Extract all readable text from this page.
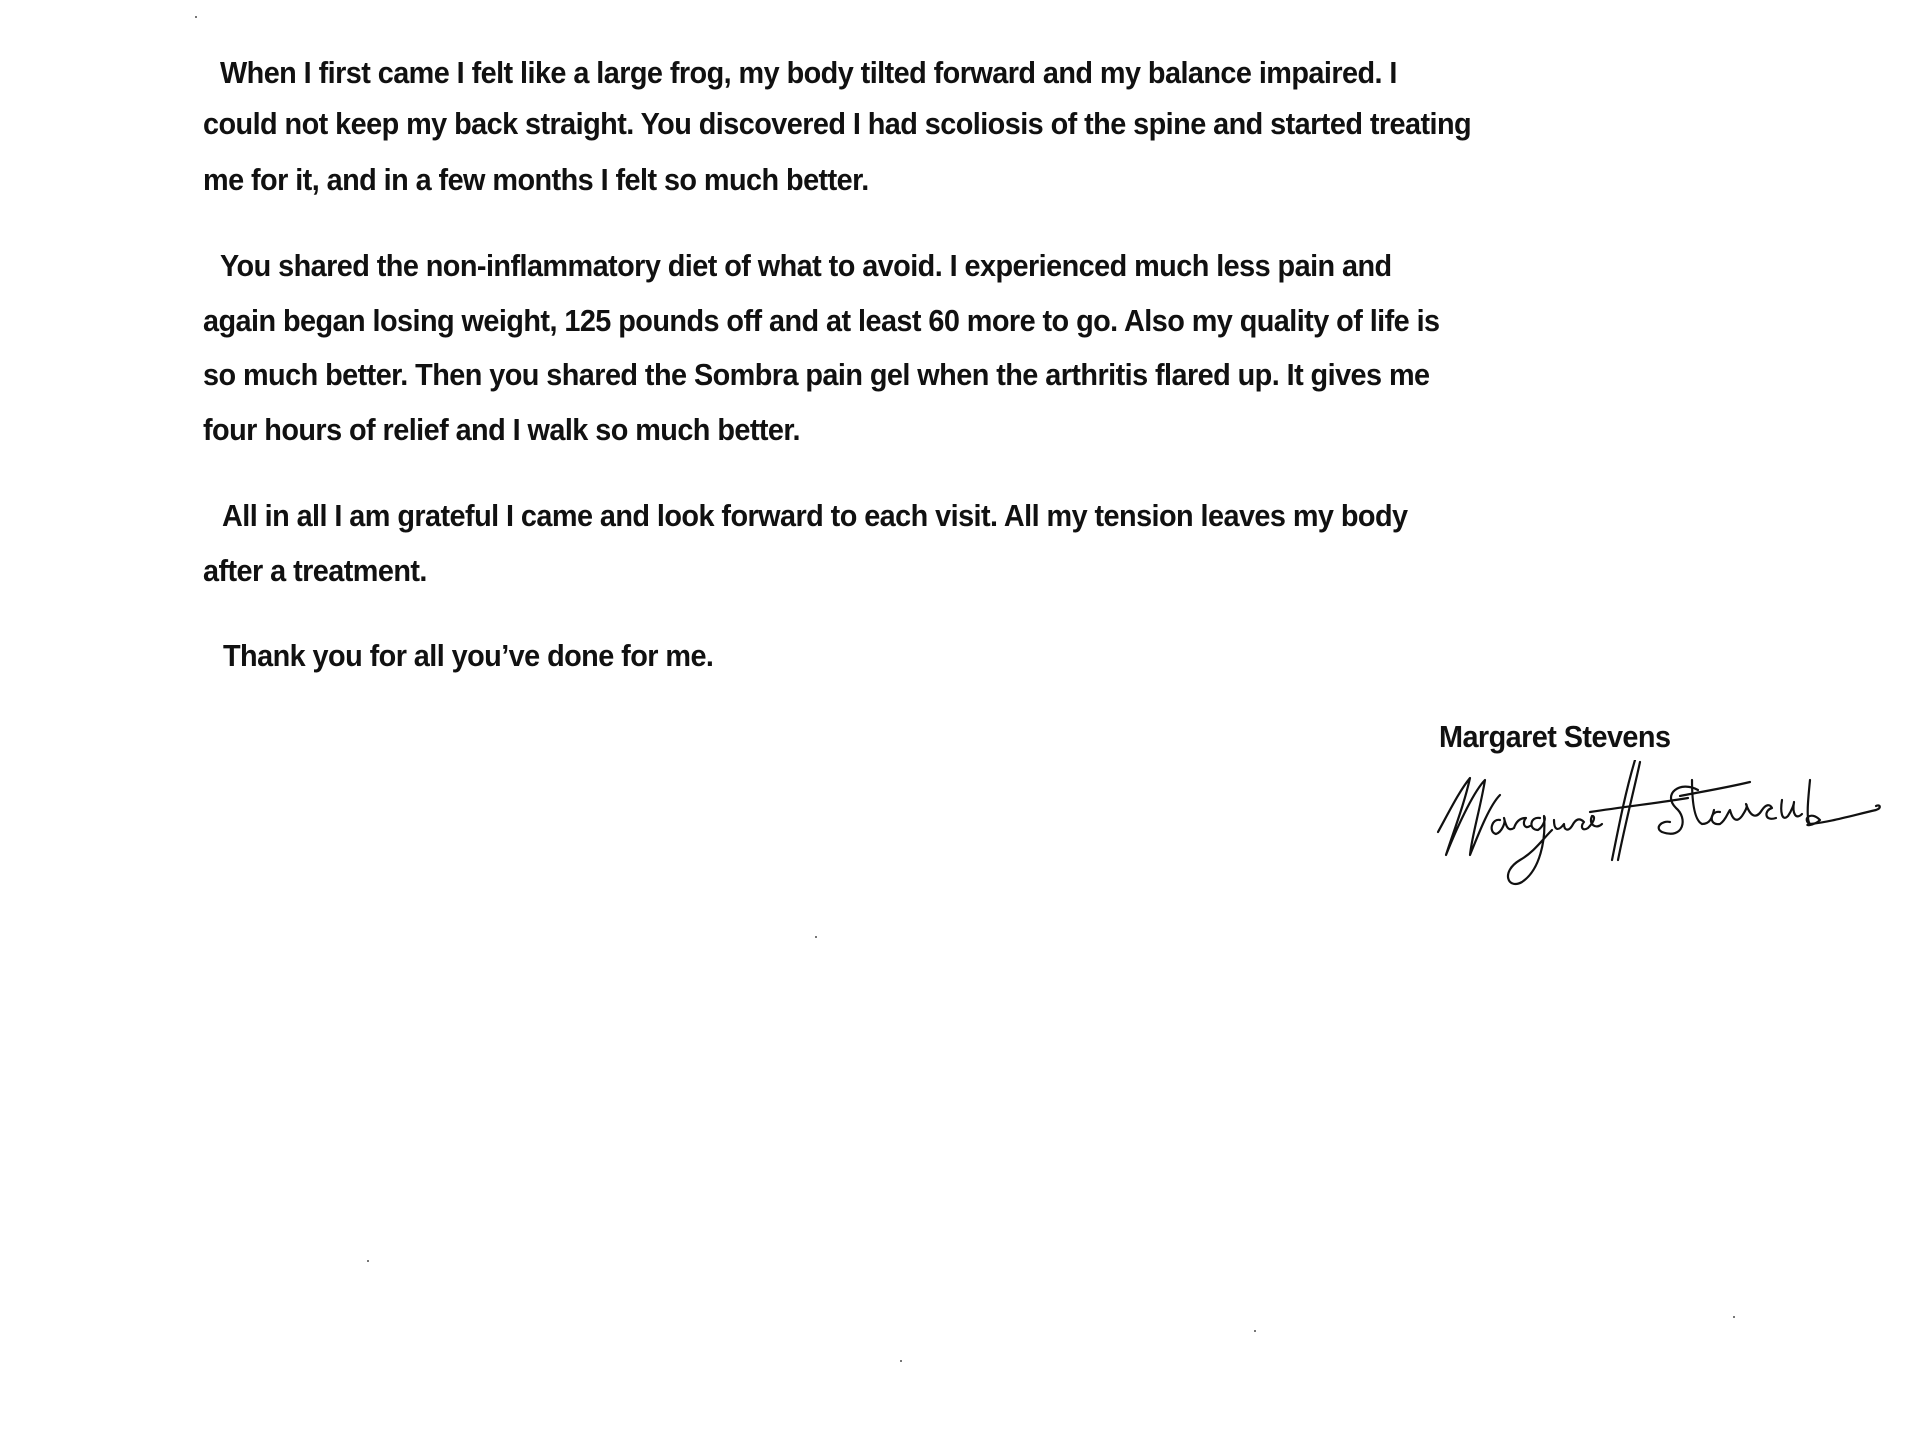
When I first came I felt like a large frog, my body tilted forward and my balance impaired. I
could not keep my back straight. You discovered I had scoliosis of the spine and started treating
me for it, and in a few months I felt so much better.
You shared the non-inflammatory diet of what to avoid. I experienced much less pain and
again began losing weight, 125 pounds off and at least 60 more to go. Also my quality of life is
so much better. Then you shared the Sombra pain gel when the arthritis flared up. It gives me
four hours of relief and I walk so much better.
All in all I am grateful I came and look forward to each visit. All my tension leaves my body
after a treatment.
Thank you for all you’ve done for me.
Margaret Stevens
